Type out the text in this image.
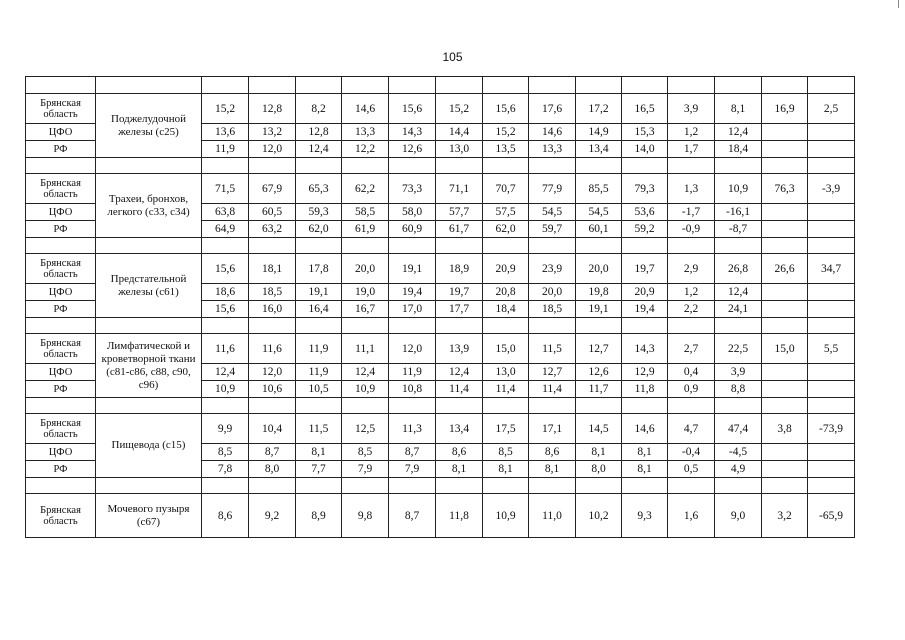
105

Брянская область	Поджелудочной железы (c25)	15,2	12,8	8,2	14,6	15,6	15,2	15,6	17,6	17,2	16,5	3,9	8,1	16,9	2,5
ЦФО		13,6	13,2	12,8	13,3	14,3	14,4	15,2	14,6	14,9	15,3	1,2	12,4		
РФ		11,9	12,0	12,4	12,2	12,6	13,0	13,5	13,3	13,4	14,0	1,7	18,4		

Брянская область	Трахеи, бронхов, легкого (c33, c34)	71,5	67,9	65,3	62,2	73,3	71,1	70,7	77,9	85,5	79,3	1,3	10,9	76,3	-3,9
ЦФО		63,8	60,5	59,3	58,5	58,0	57,7	57,5	54,5	54,5	53,6	-1,7	-16,1		
РФ		64,9	63,2	62,0	61,9	60,9	61,7	62,0	59,7	60,1	59,2	-0,9	-8,7		

Брянская область	Предстательной железы (c61)	15,6	18,1	17,8	20,0	19,1	18,9	20,9	23,9	20,0	19,7	2,9	26,8	26,6	34,7
ЦФО		18,6	18,5	19,1	19,0	19,4	19,7	20,8	20,0	19,8	20,9	1,2	12,4		
РФ		15,6	16,0	16,4	16,7	17,0	17,7	18,4	18,5	19,1	19,4	2,2	24,1		

Брянская область	Лимфатической и кроветворной ткани (c81-c86, c88, c90, c96)	11,6	11,6	11,9	11,1	12,0	13,9	15,0	11,5	12,7	14,3	2,7	22,5	15,0	5,5
ЦФО		12,4	12,0	11,9	12,4	11,9	12,4	13,0	12,7	12,6	12,9	0,4	3,9		
РФ		10,9	10,6	10,5	10,9	10,8	11,4	11,4	11,4	11,7	11,8	0,9	8,8		

Брянская область	Пищевода (c15)	9,9	10,4	11,5	12,5	11,3	13,4	17,5	17,1	14,5	14,6	4,7	47,4	3,8	-73,9
ЦФО		8,5	8,7	8,1	8,5	8,7	8,6	8,5	8,6	8,1	8,1	-0,4	-4,5		
РФ		7,8	8,0	7,7	7,9	7,9	8,1	8,1	8,1	8,0	8,1	0,5	4,9		

Брянская область	Мочевого пузыря (c67)	8,6	9,2	8,9	9,8	8,7	11,8	10,9	11,0	10,2	9,3	1,6	9,0	3,2	-65,9
